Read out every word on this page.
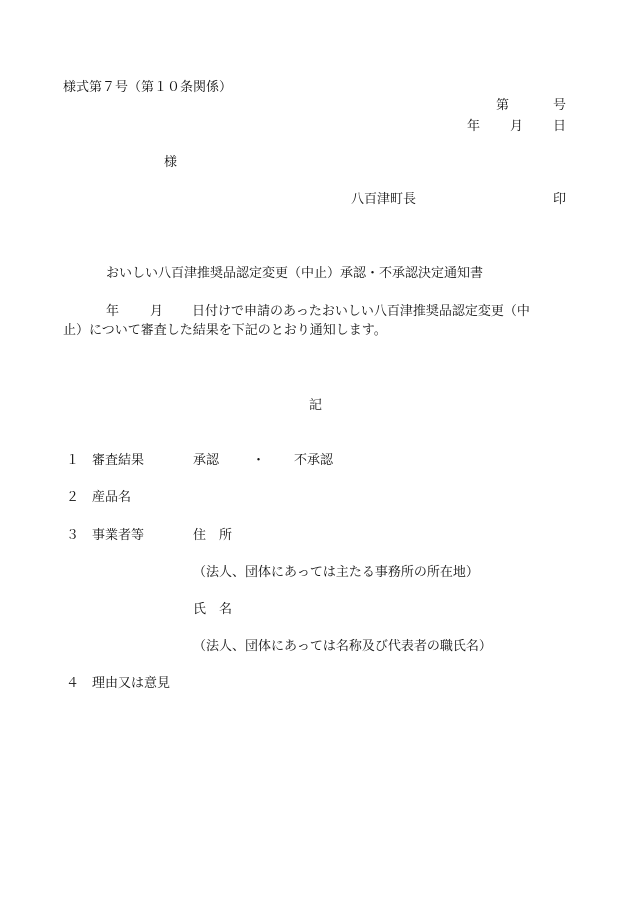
様式第７号（第１０条関係）
第	号
年 月 日
様
八百津町長	印
おいしい八百津推奨品認定変更（中止）承認・不承認決定通知書
年 月 日付けで申請のあったおいしい八百津推奨品認定変更（中
止）について審査した結果を下記のとおり通知します。
記
１ 審査結果	承認	・ 不承認
２ 産品名
３ 事業者等	住　所
（法人、団体にあっては主たる事務所の所在地）
氏　名
（法人、団体にあっては名称及び代表者の職氏名）
４ 理由又は意見
